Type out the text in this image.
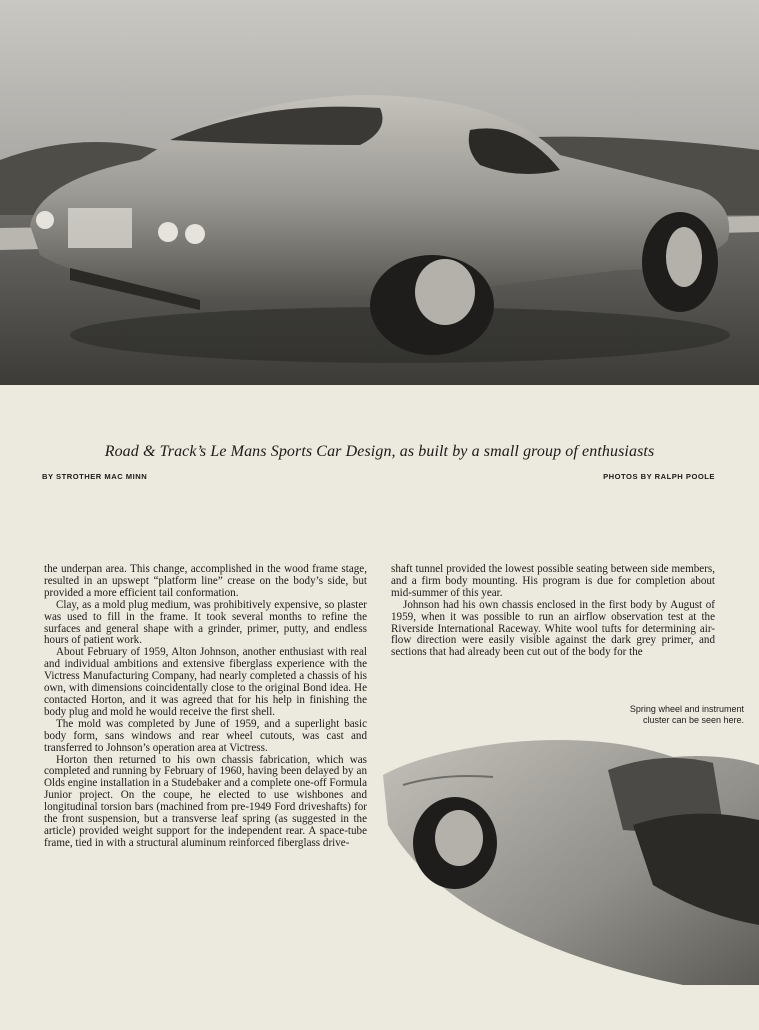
Road & Track’s Le Mans Sports Car Design, as built by a small group of enthusiasts
BY STROTHER MAC MINN	PHOTOS BY RALPH POOLE

the underpan area. This change, accomplished in the wood frame stage, resulted in an upswept “platform line” crease on the body’s side, but provided a more efficient tail conformation.

Clay, as a mold plug medium, was prohibitively expensive, so plaster was used to fill in the frame. It took several months to refine the surfaces and general shape with a grinder, primer, putty, and endless hours of patient work.

About February of 1959, Alton Johnson, another enthusiast with real and individual ambitions and extensive fiberglass experience with the Victress Manufacturing Company, had nearly completed a chassis of his own, with dimensions coincidentally close to the original Bond idea. He contacted Horton, and it was agreed that for his help in finishing the body plug and mold he would receive the first shell.

The mold was completed by June of 1959, and a superlight basic body form, sans windows and rear wheel cutouts, was cast and transferred to Johnson’s operation area at Victress.

Horton then returned to his own chassis fabrication, which was completed and running by February of 1960, having been delayed by an Olds engine installation in a Studebaker and a complete one-off Formula Junior project. On the coupe, he elected to use wishbones and longitudinal torsion bars (machined from pre-1949 Ford driveshafts) for the front suspension, but a transverse leaf spring (as suggested in the article) provided weight support for the independent rear. A space-tube frame, tied in with a structural aluminum reinforced fiberglass drive-

shaft tunnel provided the lowest possible seating between side members, and a firm body mounting. His program is due for completion about mid-summer of this year.

Johnson had his own chassis enclosed in the first body by August of 1959, when it was possible to run an airflow observation test at the Riverside International Raceway. White wool tufts for determining air-flow direction were easily visible against the dark grey primer, and sections that had already been cut out of the body for the

Spring wheel and instrument cluster can be seen here.
